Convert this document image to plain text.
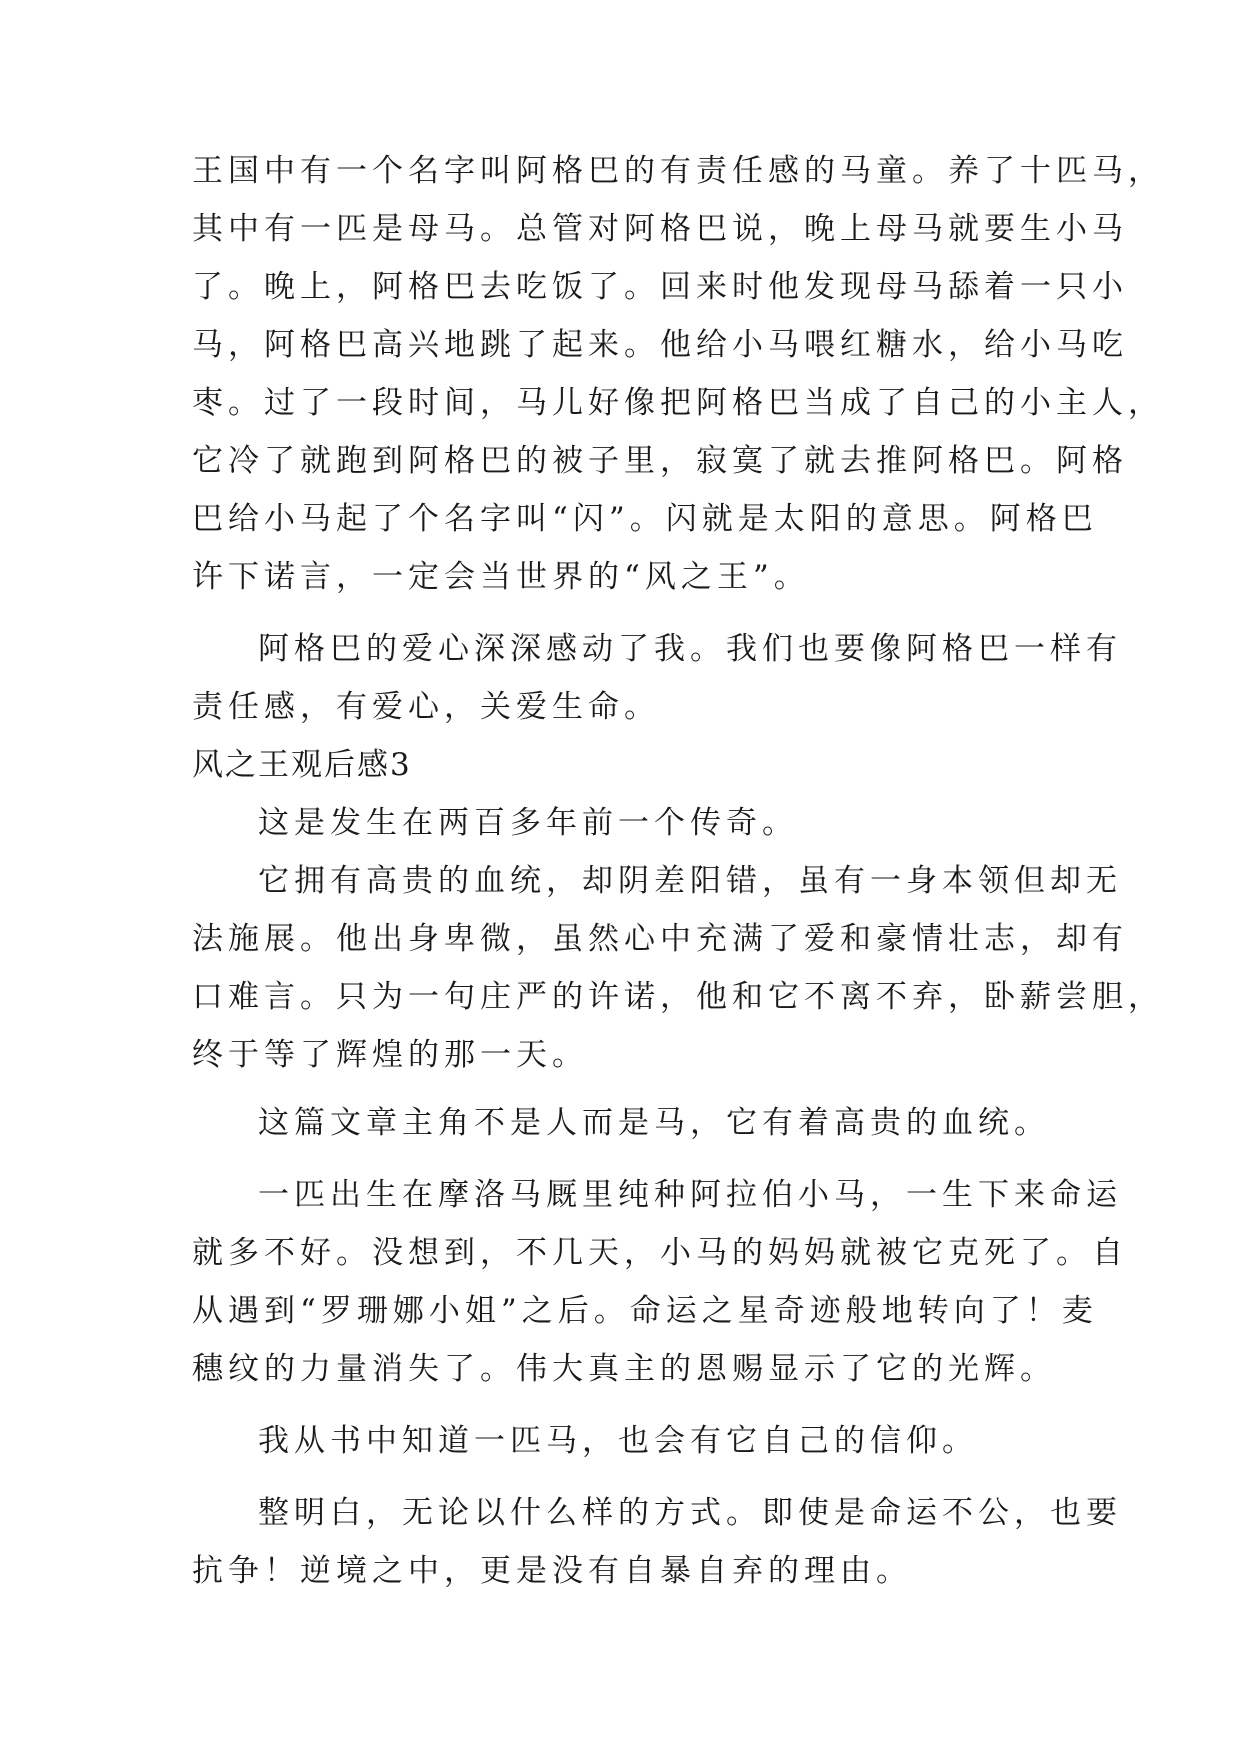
王国中有一个名字叫阿格巴的有责任感的马童。养了十匹马，
其中有一匹是母马。总管对阿格巴说，晚上母马就要生小马
了。晚上，阿格巴去吃饭了。回来时他发现母马舔着一只小
马，阿格巴高兴地跳了起来。他给小马喂红糖水，给小马吃
枣。过了一段时间，马儿好像把阿格巴当成了自己的小主人，
它冷了就跑到阿格巴的被子里，寂寞了就去推阿格巴。阿格
巴给小马起了个名字叫“闪”。闪就是太阳的意思。阿格巴
许下诺言，一定会当世界的“风之王”。
阿格巴的爱心深深感动了我。我们也要像阿格巴一样有
责任感，有爱心，关爱生命。
风之王观后感3
这是发生在两百多年前一个传奇。
它拥有高贵的血统，却阴差阳错，虽有一身本领但却无
法施展。他出身卑微，虽然心中充满了爱和豪情壮志，却有
口难言。只为一句庄严的许诺，他和它不离不弃，卧薪尝胆，
终于等了辉煌的那一天。
这篇文章主角不是人而是马，它有着高贵的血统。
一匹出生在摩洛马厩里纯种阿拉伯小马，一生下来命运
就多不好。没想到，不几天，小马的妈妈就被它克死了。自
从遇到“罗珊娜小姐”之后。命运之星奇迹般地转向了！麦
穗纹的力量消失了。伟大真主的恩赐显示了它的光辉。
我从书中知道一匹马，也会有它自己的信仰。
整明白，无论以什么样的方式。即使是命运不公，也要
抗争！逆境之中，更是没有自暴自弃的理由。
